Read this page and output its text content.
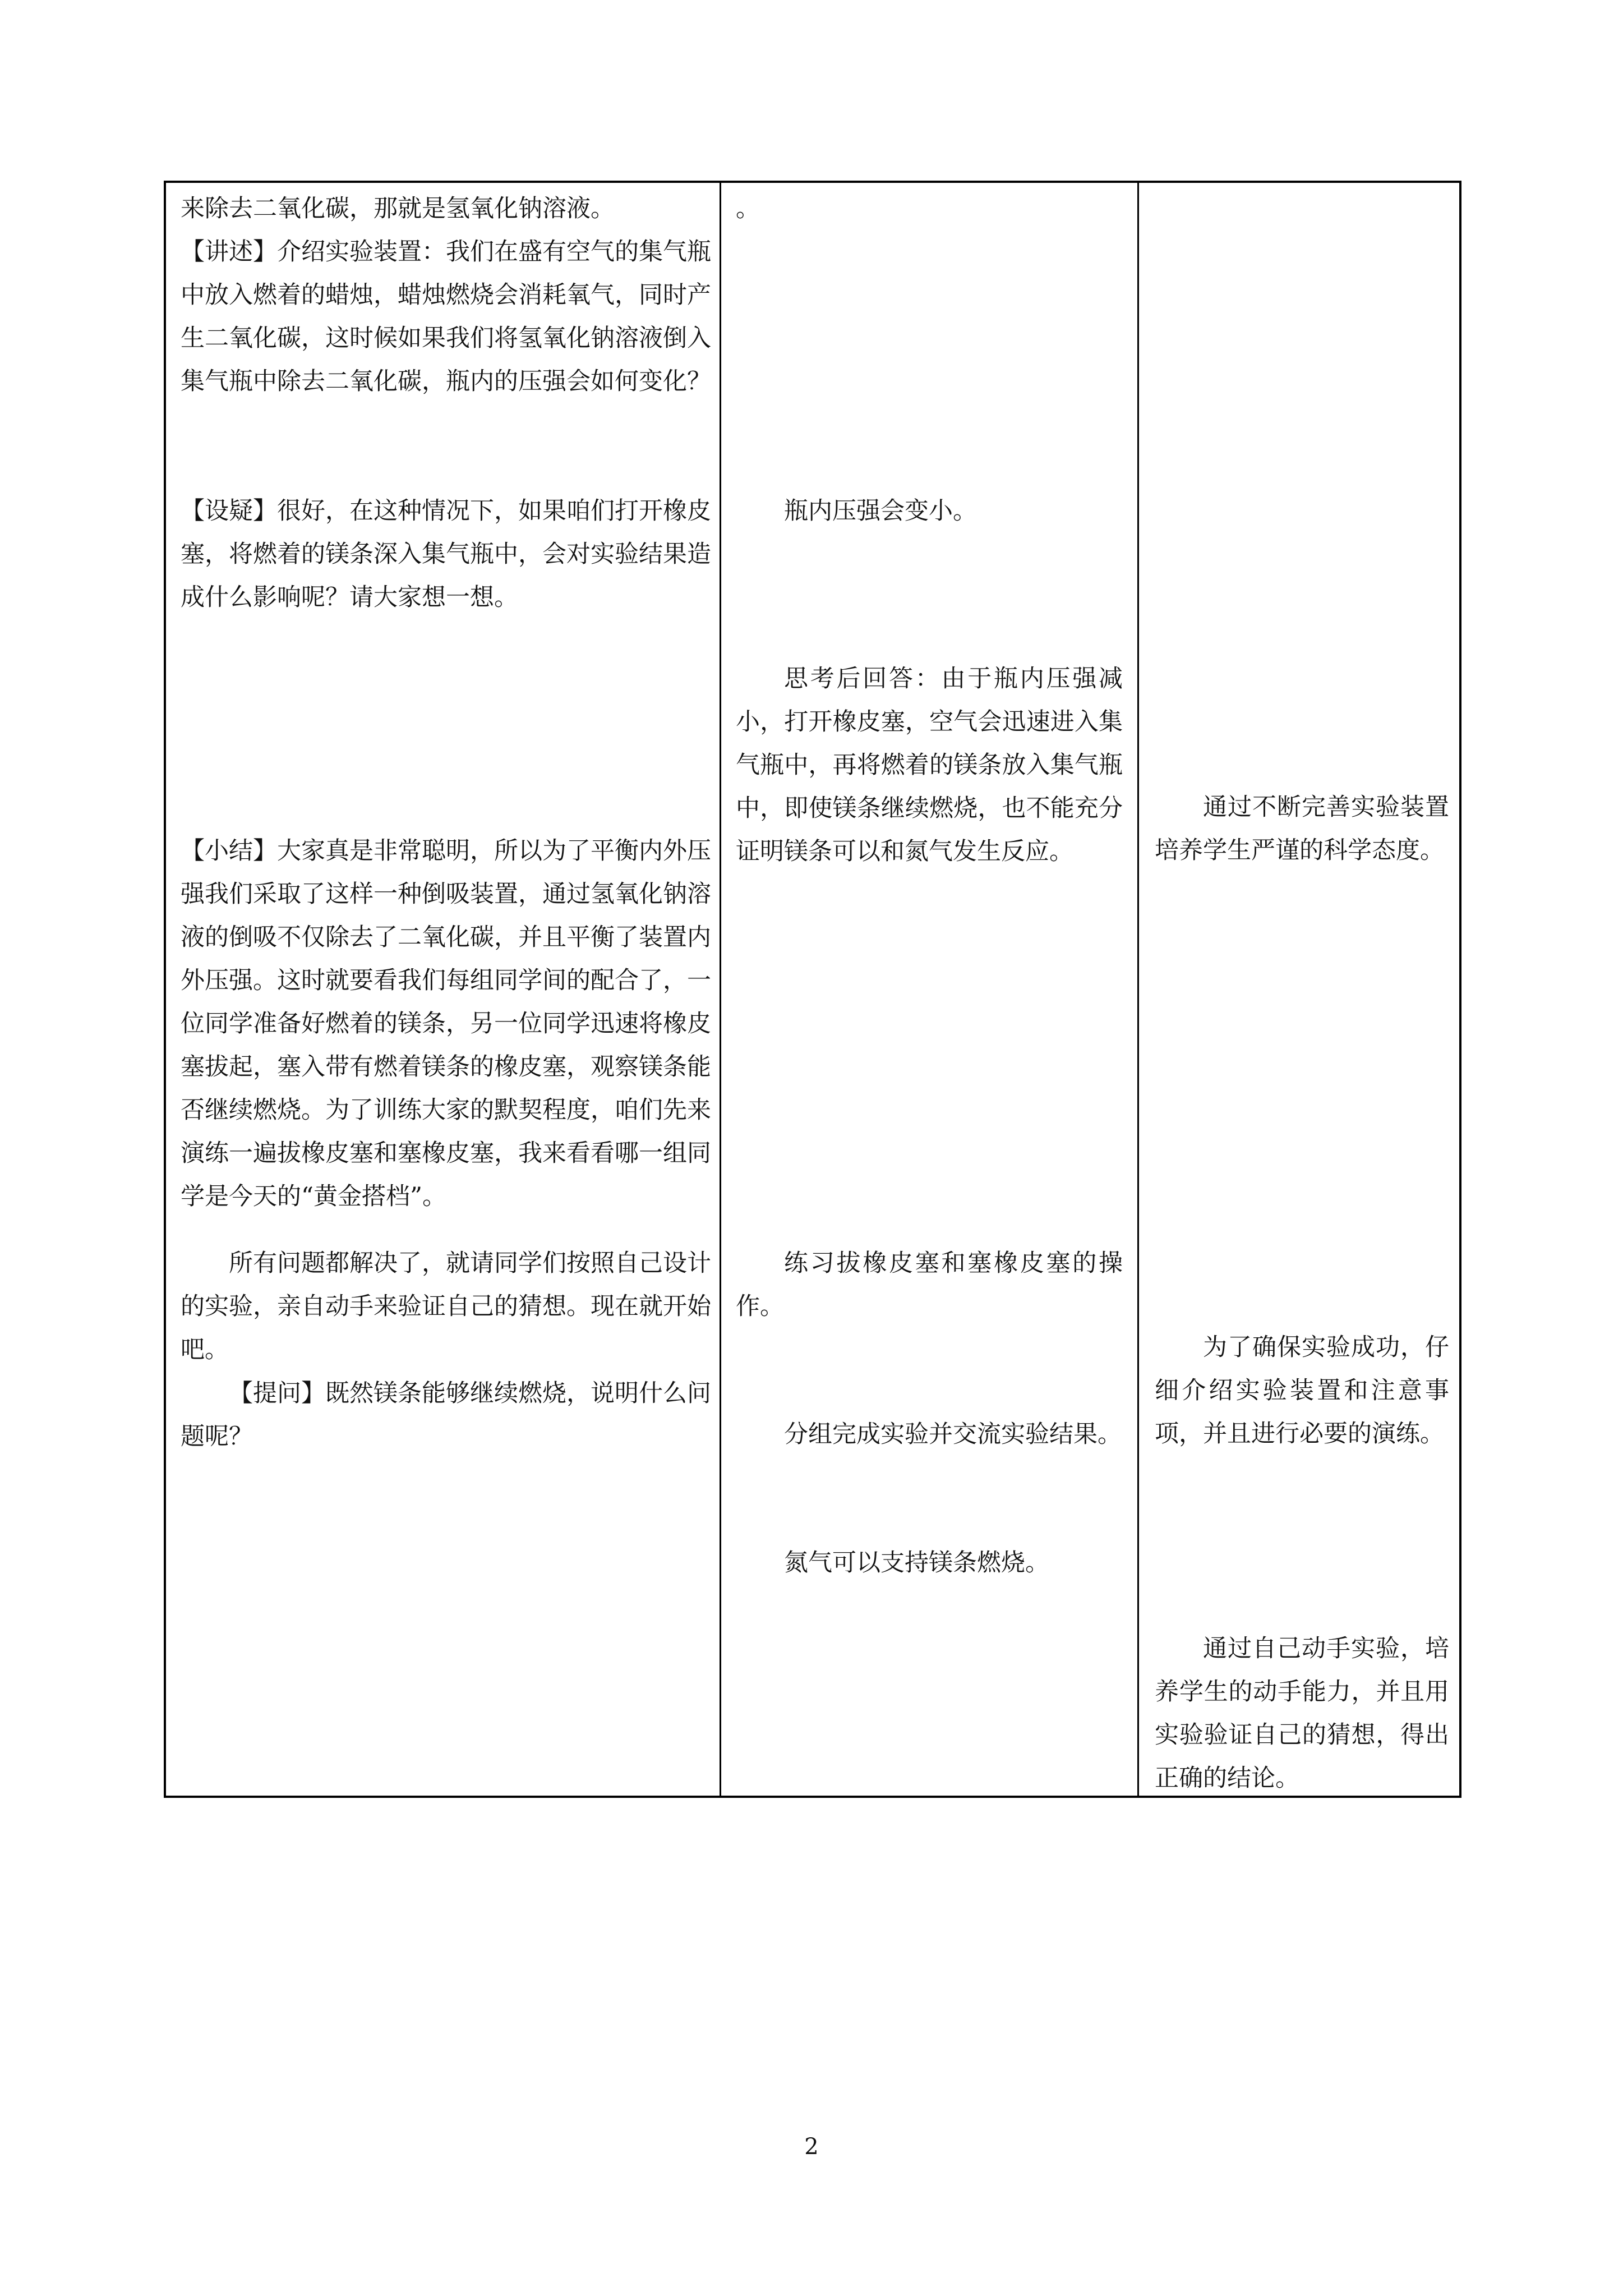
来除去二氧化碳，那就是氢氧化钠溶液。

【讲述】介绍实验装置：我们在盛有空气的集气瓶中放入燃着的蜡烛，蜡烛燃烧会消耗氧气，同时产生二氧化碳，这时候如果我们将氢氧化钠溶液倒入集气瓶中除去二氧化碳，瓶内的压强会如何变化？

【设疑】很好，在这种情况下，如果咱们打开橡皮塞，将燃着的镁条深入集气瓶中，会对实验结果造成什么影响呢？请大家想一想。

【小结】大家真是非常聪明，所以为了平衡内外压强我们采取了这样一种倒吸装置，通过氢氧化钠溶液的倒吸不仅除去了二氧化碳，并且平衡了装置内外压强。这时就要看我们每组同学间的配合了，一位同学准备好燃着的镁条，另一位同学迅速将橡皮塞拔起，塞入带有燃着镁条的橡皮塞，观察镁条能否继续燃烧。为了训练大家的默契程度，咱们先来演练一遍拔橡皮塞和塞橡皮塞，我来看看哪一组同学是今天的“黄金搭档”。

所有问题都解决了，就请同学们按照自己设计的实验，亲自动手来验证自己的猜想。现在就开始吧。

【提问】既然镁条能够继续燃烧，说明什么问题呢？

。

瓶内压强会变小。

思考后回答：由于瓶内压强减小，打开橡皮塞，空气会迅速进入集气瓶中，再将燃着的镁条放入集气瓶中，即使镁条继续燃烧，也不能充分证明镁条可以和氮气发生反应。

练习拔橡皮塞和塞橡皮塞的操作。

分组完成实验并交流实验结果。

氮气可以支持镁条燃烧。

通过不断完善实验装置培养学生严谨的科学态度。

为了确保实验成功，仔细介绍实验装置和注意事项，并且进行必要的演练。

通过自己动手实验，培养学生的动手能力，并且用实验验证自己的猜想，得出正确的结论。

2
